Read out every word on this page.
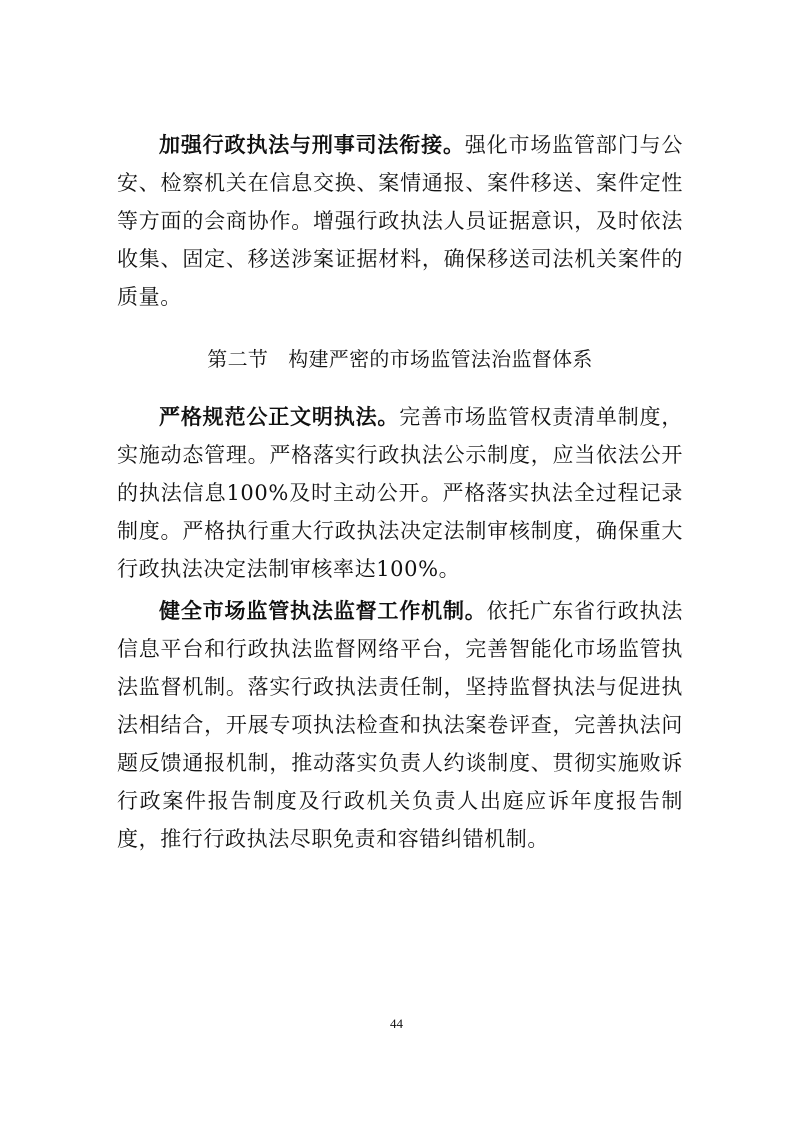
加强行政执法与刑事司法衔接。强化市场监管部门与公安、检察机关在信息交换、案情通报、案件移送、案件定性等方面的会商协作。增强行政执法人员证据意识，及时依法收集、固定、移送涉案证据材料，确保移送司法机关案件的质量。

第二节 构建严密的市场监管法治监督体系

严格规范公正文明执法。完善市场监管权责清单制度，实施动态管理。严格落实行政执法公示制度，应当依法公开的执法信息100%及时主动公开。严格落实执法全过程记录制度。严格执行重大行政执法决定法制审核制度，确保重大行政执法决定法制审核率达100%。

健全市场监管执法监督工作机制。依托广东省行政执法信息平台和行政执法监督网络平台，完善智能化市场监管执法监督机制。落实行政执法责任制，坚持监督执法与促进执法相结合，开展专项执法检查和执法案卷评查，完善执法问题反馈通报机制，推动落实负责人约谈制度、贯彻实施败诉行政案件报告制度及行政机关负责人出庭应诉年度报告制度，推行行政执法尽职免责和容错纠错机制。

44
